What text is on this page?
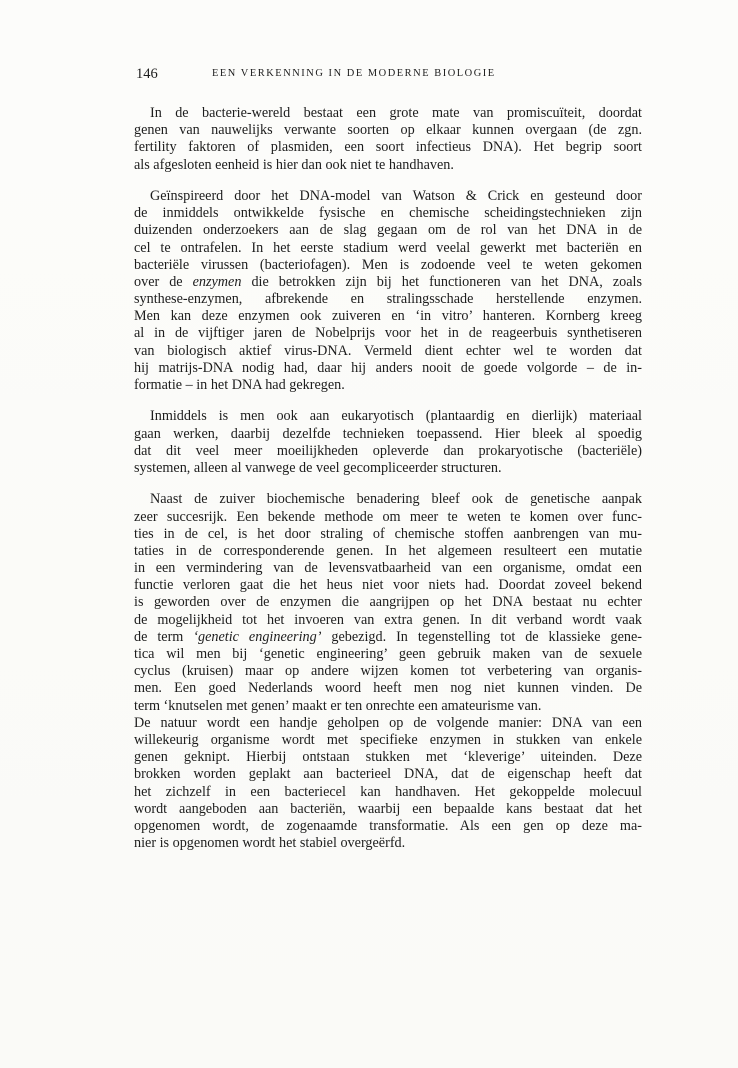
146	EEN VERKENNING IN DE MODERNE BIOLOGIE
In de bacterie-wereld bestaat een grote mate van promiscuïteit, doordat
genen van nauwelijks verwante soorten op elkaar kunnen overgaan (de zgn.
fertility faktoren of plasmiden, een soort infectieus DNA). Het begrip soort
als afgesloten eenheid is hier dan ook niet te handhaven.
Geïnspireerd door het DNA-model van Watson & Crick en gesteund door
de inmiddels ontwikkelde fysische en chemische scheidingstechnieken zijn
duizenden onderzoekers aan de slag gegaan om de rol van het DNA in de
cel te ontrafelen. In het eerste stadium werd veelal gewerkt met bacteriën en
bacteriële virussen (bacteriofagen). Men is zodoende veel te weten gekomen
over de enzymen die betrokken zijn bij het functioneren van het DNA, zoals
synthese-enzymen, afbrekende en stralingsschade herstellende enzymen.
Men kan deze enzymen ook zuiveren en ‘in vitro’ hanteren. Kornberg kreeg
al in de vijftiger jaren de Nobelprijs voor het in de reageerbuis synthetiseren
van biologisch aktief virus-DNA. Vermeld dient echter wel te worden dat
hij matrijs-DNA nodig had, daar hij anders nooit de goede volgorde – de in-
formatie – in het DNA had gekregen.
Inmiddels is men ook aan eukaryotisch (plantaardig en dierlijk) materiaal
gaan werken, daarbij dezelfde technieken toepassend. Hier bleek al spoedig
dat dit veel meer moeilijkheden opleverde dan prokaryotische (bacteriële)
systemen, alleen al vanwege de veel gecompliceerder structuren.
Naast de zuiver biochemische benadering bleef ook de genetische aanpak
zeer succesrijk. Een bekende methode om meer te weten te komen over func-
ties in de cel, is het door straling of chemische stoffen aanbrengen van mu-
taties in de corresponderende genen. In het algemeen resulteert een mutatie
in een vermindering van de levensvatbaarheid van een organisme, omdat een
functie verloren gaat die het heus niet voor niets had. Doordat zoveel bekend
is geworden over de enzymen die aangrijpen op het DNA bestaat nu echter
de mogelijkheid tot het invoeren van extra genen. In dit verband wordt vaak
de term ‘genetic engineering’ gebezigd. In tegenstelling tot de klassieke gene-
tica wil men bij ‘genetic engineering’ geen gebruik maken van de sexuele
cyclus (kruisen) maar op andere wijzen komen tot verbetering van organis-
men. Een goed Nederlands woord heeft men nog niet kunnen vinden. De
term ‘knutselen met genen’ maakt er ten onrechte een amateurisme van.
De natuur wordt een handje geholpen op de volgende manier: DNA van een
willekeurig organisme wordt met specifieke enzymen in stukken van enkele
genen geknipt. Hierbij ontstaan stukken met ‘kleverige’ uiteinden. Deze
brokken worden geplakt aan bacterieel DNA, dat de eigenschap heeft dat
het zichzelf in een bacteriecel kan handhaven. Het gekoppelde molecuul
wordt aangeboden aan bacteriën, waarbij een bepaalde kans bestaat dat het
opgenomen wordt, de zogenaamde transformatie. Als een gen op deze ma-
nier is opgenomen wordt het stabiel overgeërfd.
